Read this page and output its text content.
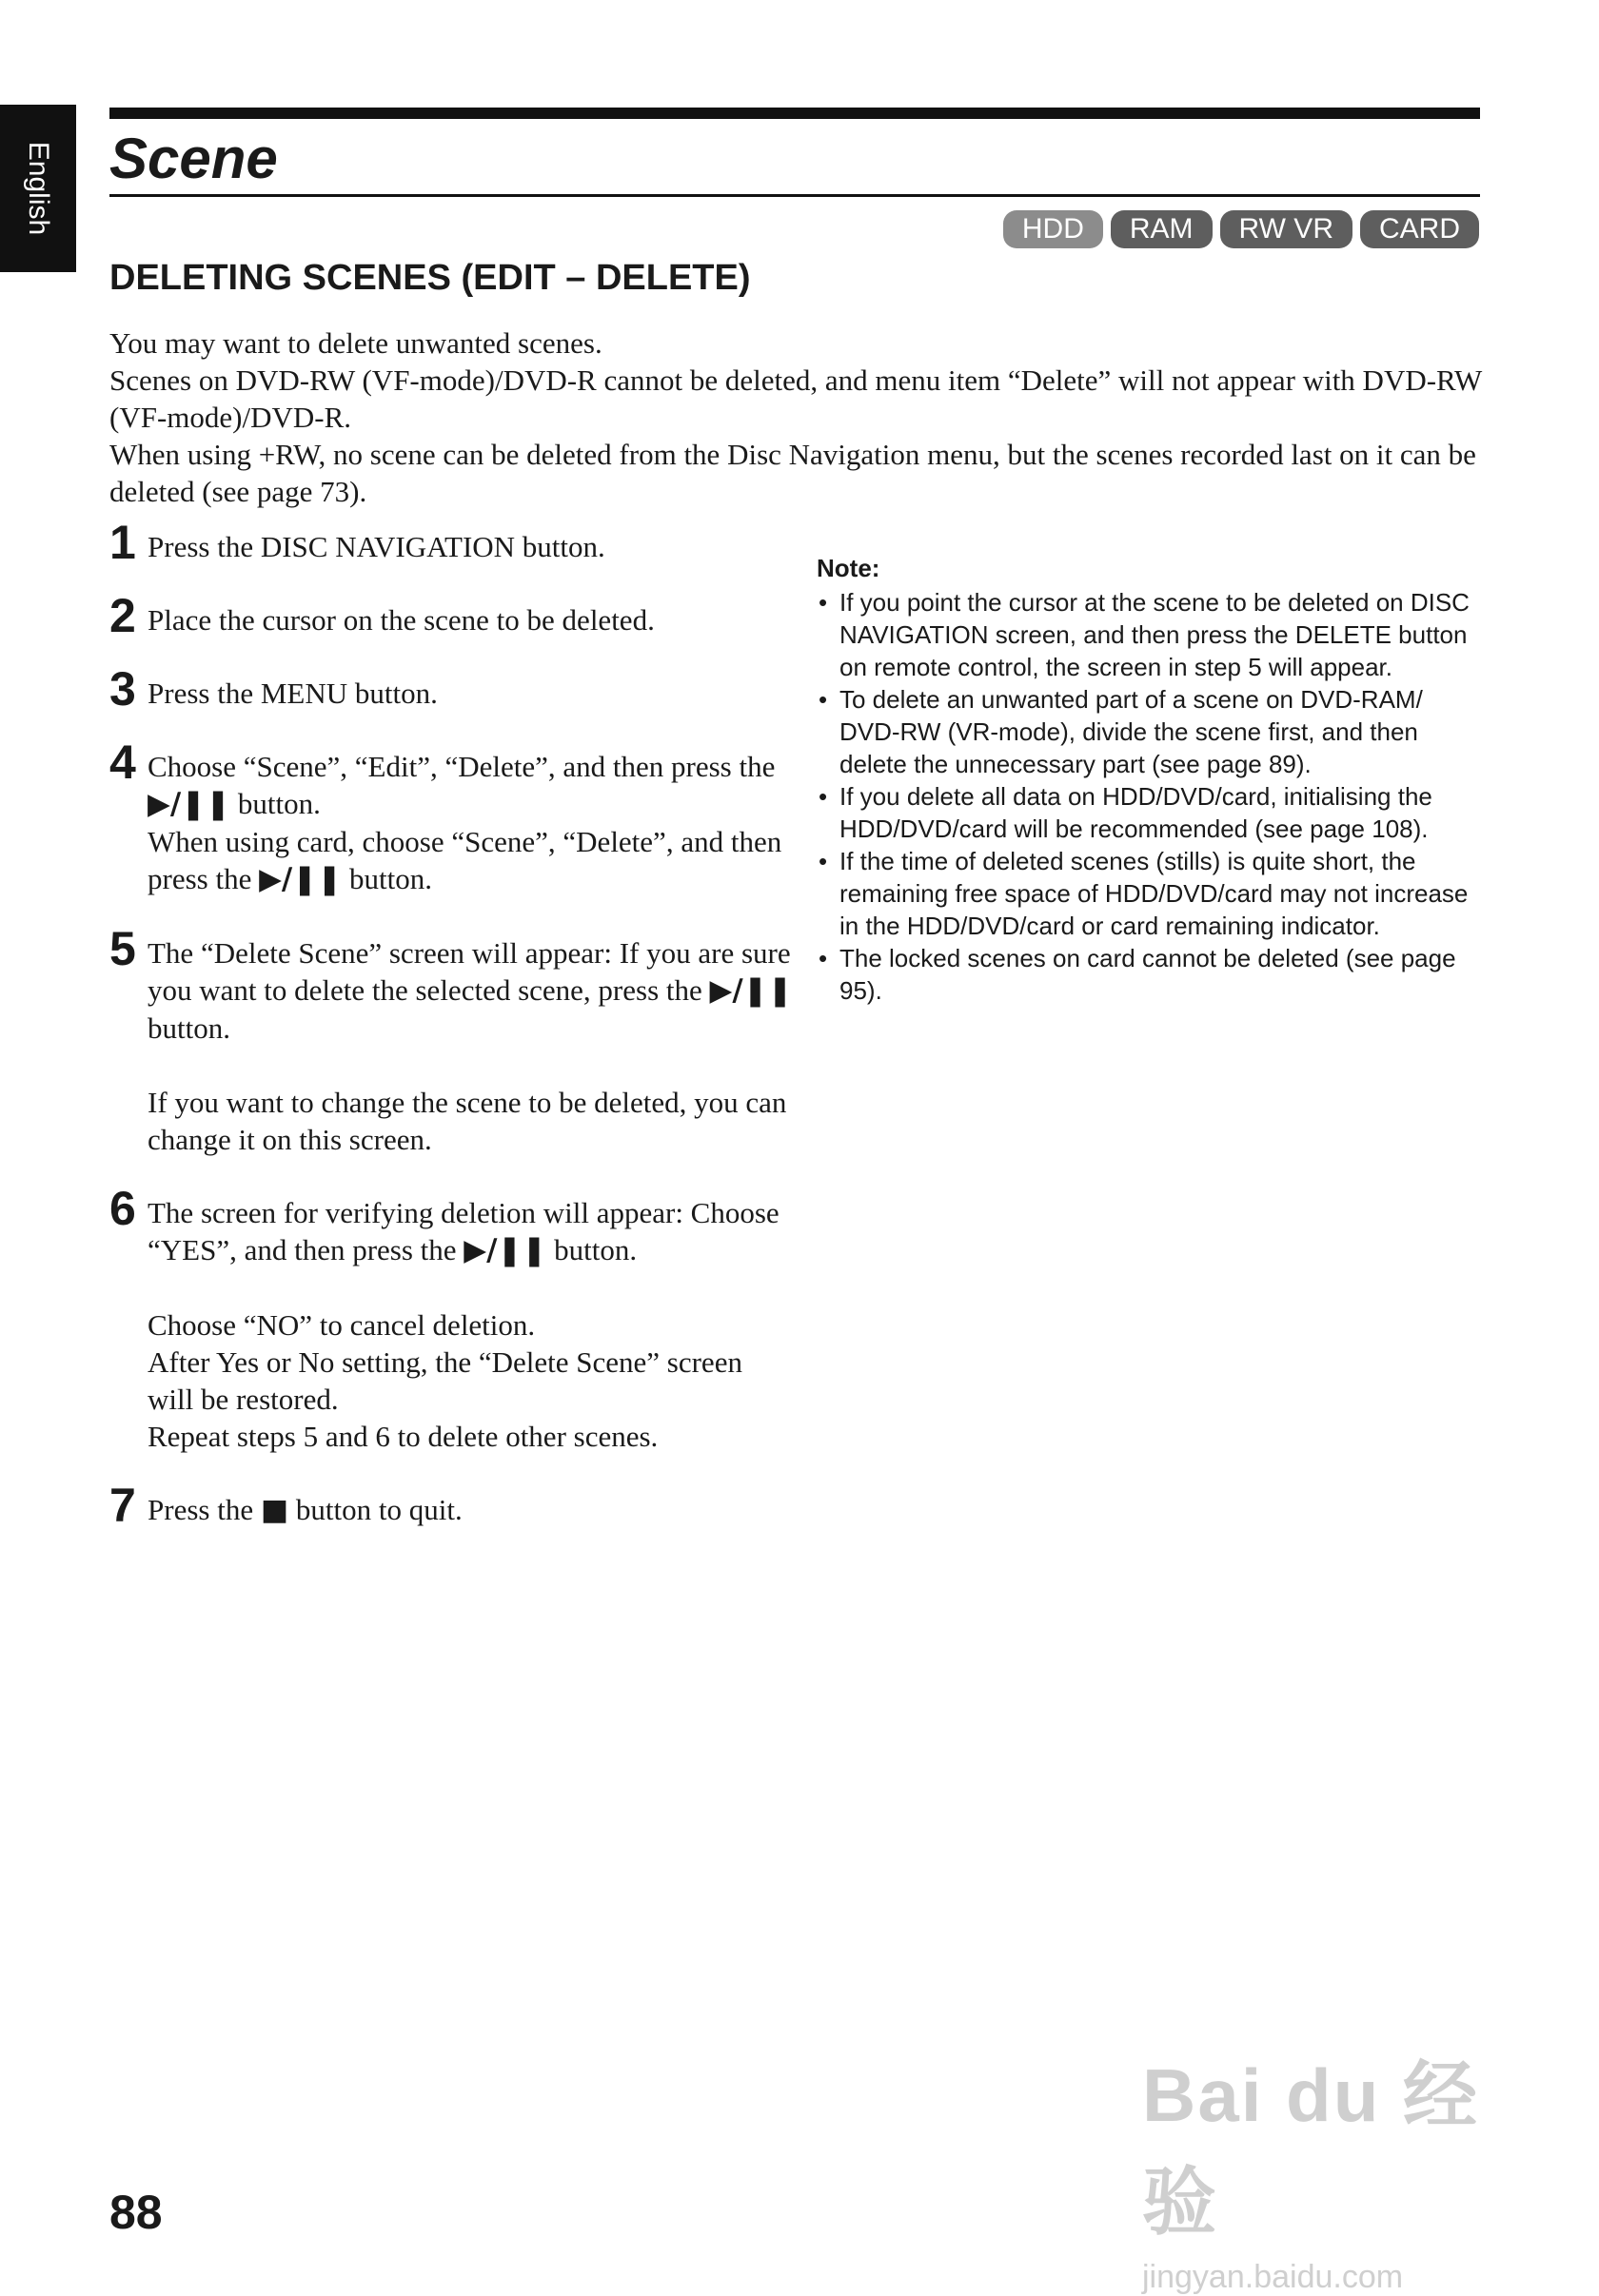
English Scene
HDD	RAM	RW VR	CARD
DELETING SCENES (EDIT – DELETE)

You may want to delete unwanted scenes.

Scenes on DVD-RW (VF-mode)/DVD-R cannot be deleted, and menu item “Delete” will not appear with DVD-RW (VF-mode)/DVD-R.

When using +RW, no scene can be deleted from the Disc Navigation menu, but the scenes recorded last on it can be deleted (see page 73).

1 Press the DISC NAVIGATION button.

2 Place the cursor on the scene to be deleted.

3 Press the MENU button.

4 Choose “Scene”, “Edit”, “Delete”, and then press the ▶/❚❚ button.

When using card, choose “Scene”, “Delete”, and then press the ▶/❚❚ button.

5 The “Delete Scene” screen will appear: If you are sure you want to delete the selected scene, press the ▶/❚❚ button.

If you want to change the scene to be deleted, you can change it on this screen.

6 The screen for verifying deletion will appear: Choose “YES”, and then press the ▶/❚❚ button.

Choose “NO” to cancel deletion.

After Yes or No setting, the “Delete Scene” screen will be restored.

Repeat steps 5 and 6 to delete other scenes.

7 Press the ■ button to quit.

Note:

• If you point the cursor at the scene to be deleted on DISC NAVIGATION screen, and then press the DELETE button on remote control, the screen in step 5 will appear.
• To delete an unwanted part of a scene on DVD-RAM/ DVD-RW (VR-mode), divide the scene first, and then delete the unnecessary part (see page 89).
• If you delete all data on HDD/DVD/card, initialising the HDD/DVD/card will be recommended (see page 108).
• If the time of deleted scenes (stills) is quite short, the remaining free space of HDD/DVD/card may not increase in the HDD/DVD/card or card remaining indicator.
• The locked scenes on card cannot be deleted (see page 95).
88
Bai du 经验
jingyan.baidu.com
